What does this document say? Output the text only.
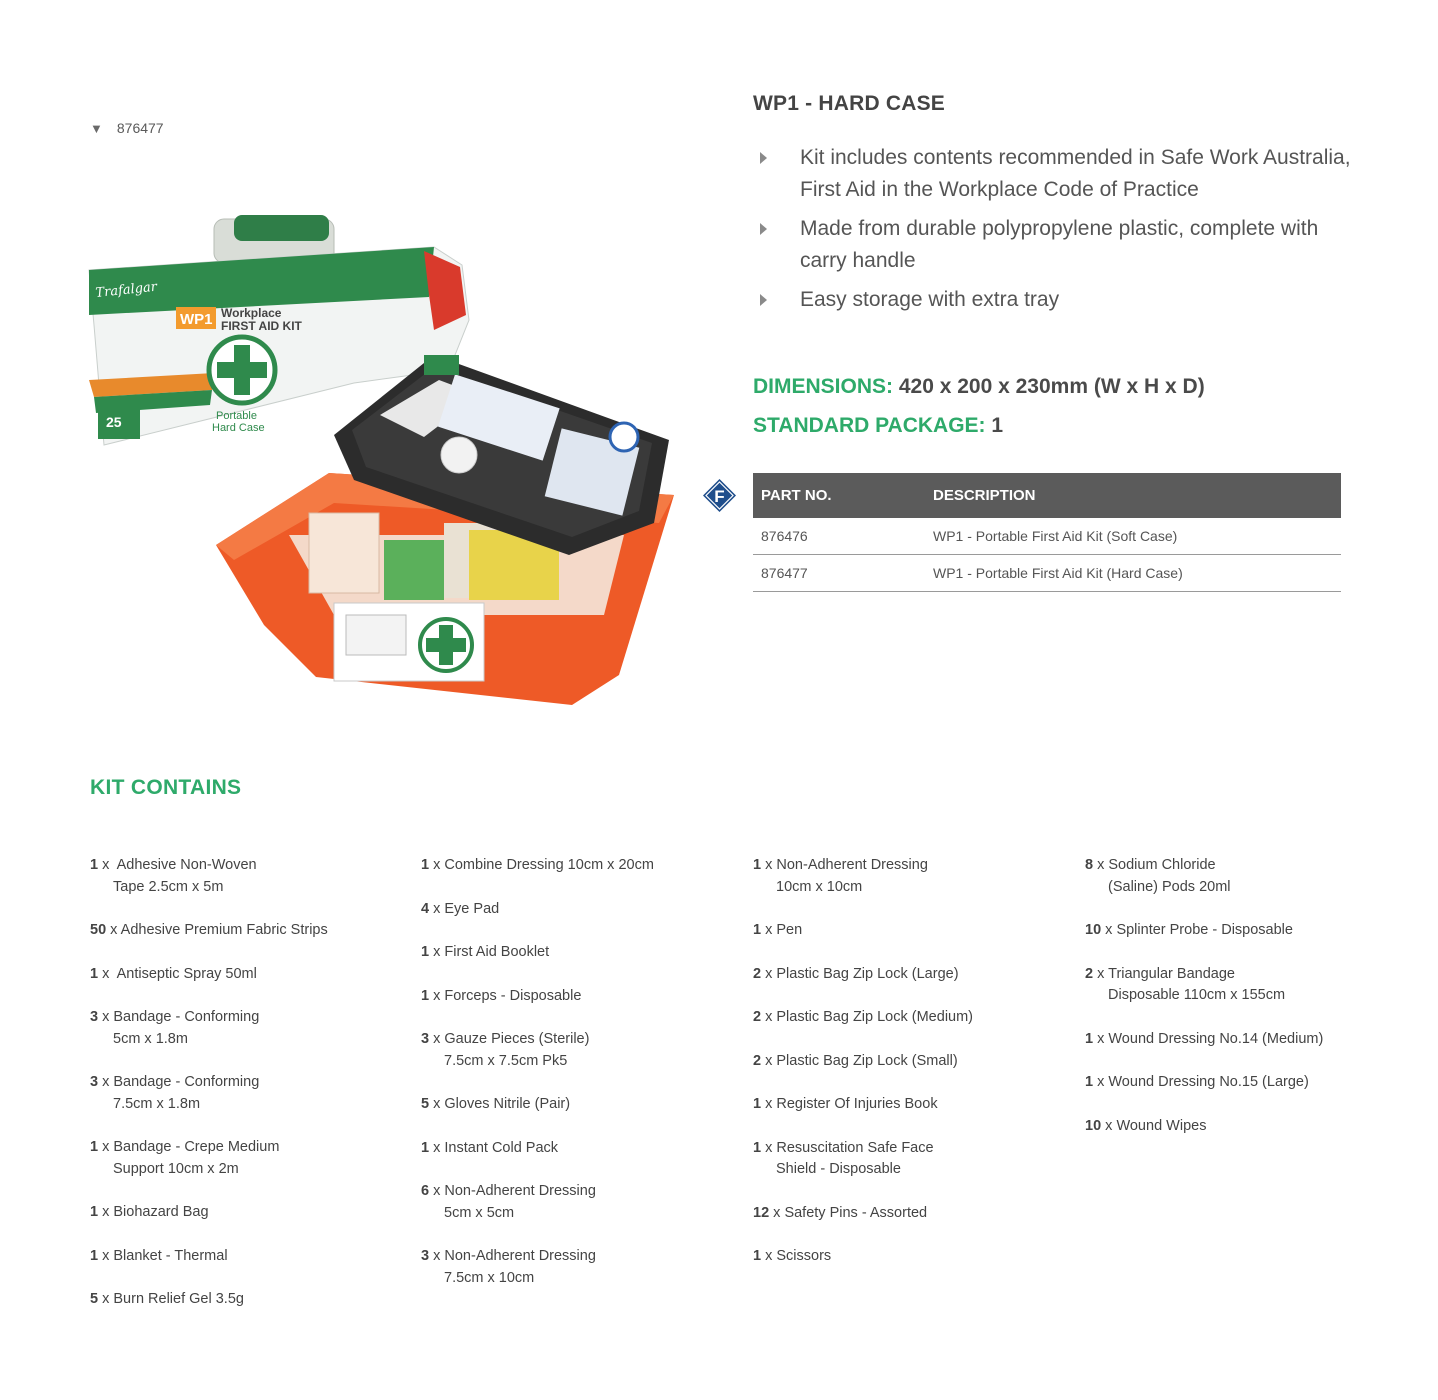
▼ 876477
Trafalgar
WP1 Workplace
FIRST AID KIT
Portable
Hard Case
25
WP1 - HARD CASE
Kit includes contents recommended in Safe Work Australia, First Aid in the Workplace Code of Practice
Made from durable polypropylene plastic, complete with carry handle
Easy storage with extra tray
DIMENSIONS: 420 x 200 x 230mm (W x H x D)
STANDARD PACKAGE: 1
F PART NO.	DESCRIPTION
876476	WP1 - Portable First Aid Kit (Soft Case)
876477	WP1 - Portable First Aid Kit (Hard Case)
KIT CONTAINS
1 x  Adhesive Non-Woven
Tape 2.5cm x 5m
50 x Adhesive Premium Fabric Strips
1 x  Antiseptic Spray 50ml
3 x Bandage - Conforming
5cm x 1.8m
3 x Bandage - Conforming
7.5cm x 1.8m
1 x Bandage - Crepe Medium
Support 10cm x 2m
1 x Biohazard Bag
1 x Blanket - Thermal
5 x Burn Relief Gel 3.5g
1 x Combine Dressing 10cm x 20cm
4 x Eye Pad
1 x First Aid Booklet
1 x Forceps - Disposable
3 x Gauze Pieces (Sterile)
7.5cm x 7.5cm Pk5
5 x Gloves Nitrile (Pair)
1 x Instant Cold Pack
6 x Non-Adherent Dressing
5cm x 5cm
3 x Non-Adherent Dressing
7.5cm x 10cm
1 x Non-Adherent Dressing
10cm x 10cm
1 x Pen
2 x Plastic Bag Zip Lock (Large)
2 x Plastic Bag Zip Lock (Medium)
2 x Plastic Bag Zip Lock (Small)
1 x Register Of Injuries Book
1 x Resuscitation Safe Face
Shield - Disposable
12 x Safety Pins - Assorted
1 x Scissors
8 x Sodium Chloride
(Saline) Pods 20ml
10 x Splinter Probe - Disposable
2 x Triangular Bandage
Disposable 110cm x 155cm
1 x Wound Dressing No.14 (Medium)
1 x Wound Dressing No.15 (Large)
10 x Wound Wipes
